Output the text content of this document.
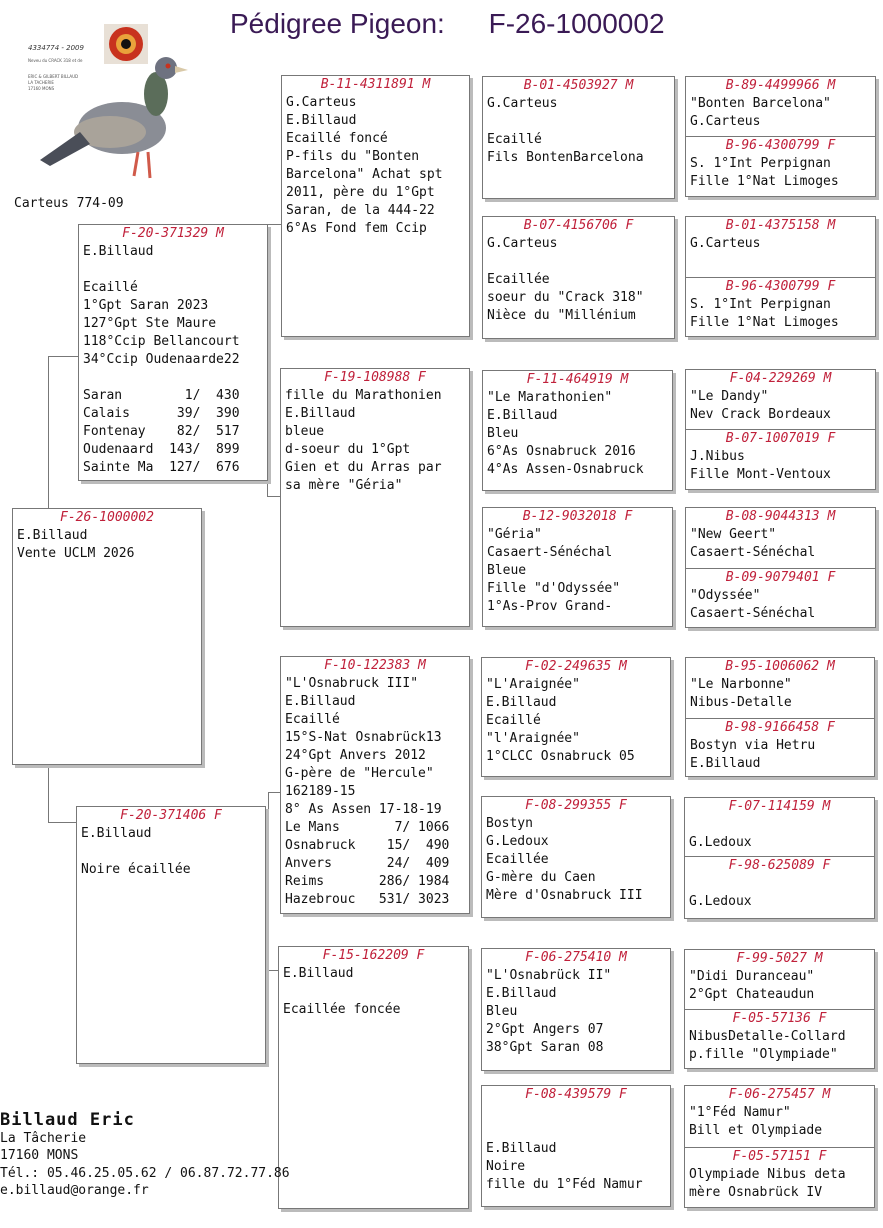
Pédigree Pigeon: F-26-1000002
4334774 - 2009
Neveu du CRACK 318 et de
ERIC & GILBERT BILLAUD
LA TACHERIE
17160 MONS
Carteus 774-09
F-26-1000002
E.Billaud
Vente UCLM 2026
F-20-371329 M
E.Billaud
Ecaillé
1°Gpt Saran 2023
127°Gpt Ste Maure
118°Ccip Bellancourt
34°Ccip Oudenaarde22
Saran        1/  430
Calais      39/  390
Fontenay    82/  517
Oudenaard  143/  899
Sainte Ma  127/  676
F-20-371406 F
E.Billaud
Noire écaillée
B-11-4311891 M
G.Carteus
E.Billaud
Ecaillé foncé
P-fils du "Bonten
Barcelona" Achat spt
2011, père du 1°Gpt
Saran, de la 444-22
6°As Fond fem Ccip
F-19-108988 F
fille du Marathonien
E.Billaud
bleue
d-soeur du 1°Gpt
Gien et du Arras par
sa mère "Géria"
F-10-122383 M
"L'Osnabruck III"
E.Billaud
Ecaillé
15°S-Nat Osnabrück13
24°Gpt Anvers 2012
G-père de "Hercule"
162189-15
8° As Assen 17-18-19
Le Mans       7/ 1066
Osnabruck    15/  490
Anvers       24/  409
Reims       286/ 1984
Hazebrouc   531/ 3023
F-15-162209 F
E.Billaud
Ecaillée foncée
B-01-4503927 M
G.Carteus
Ecaillé
Fils BontenBarcelona
B-07-4156706 F
G.Carteus
Ecaillée
soeur du "Crack 318"
Nièce du "Millénium
F-11-464919 M
"Le Marathonien"
E.Billaud
Bleu
6°As Osnabruck 2016
4°As Assen-Osnabruck
B-12-9032018 F
"Géria"
Casaert-Sénéchal
Bleue
Fille "d'Odyssée"
1°As-Prov Grand-
F-02-249635 M
"L'Araignée"
E.Billaud
Ecaillé
"l'Araignée"
1°CLCC Osnabruck 05
F-08-299355 F
Bostyn
G.Ledoux
Ecaillée
G-mère du Caen
Mère d'Osnabruck III
F-06-275410 M
"L'Osnabrück II"
E.Billaud
Bleu
2°Gpt Angers 07
38°Gpt Saran 08
F-08-439579 F
E.Billaud
Noire
fille du 1°Féd Namur
B-89-4499966 M
"Bonten Barcelona"
G.Carteus
B-96-4300799 F
S. 1°Int Perpignan
Fille 1°Nat Limoges
B-01-4375158 M
G.Carteus
B-96-4300799 F
S. 1°Int Perpignan
Fille 1°Nat Limoges
F-04-229269 M
"Le Dandy"
Nev Crack Bordeaux
B-07-1007019 F
J.Nibus
Fille Mont-Ventoux
B-08-9044313 M
"New Geert"
Casaert-Sénéchal
B-09-9079401 F
"Odyssée"
Casaert-Sénéchal
B-95-1006062 M
"Le Narbonne"
Nibus-Detalle
B-98-9166458 F
Bostyn via Hetru
E.Billaud
F-07-114159 M
G.Ledoux
F-98-625089 F
G.Ledoux
F-99-5027 M
"Didi Duranceau"
2°Gpt Chateaudun
F-05-57136 F
NibusDetalle-Collard
p.fille "Olympiade"
F-06-275457 M
"1°Féd Namur"
Bill et Olympiade
F-05-57151 F
Olympiade Nibus deta
mère Osnabrück IV
Billaud Eric
La Tâcherie
17160 MONS
Tél.: 05.46.25.05.62 / 06.87.72.77.86
e.billaud@orange.fr
